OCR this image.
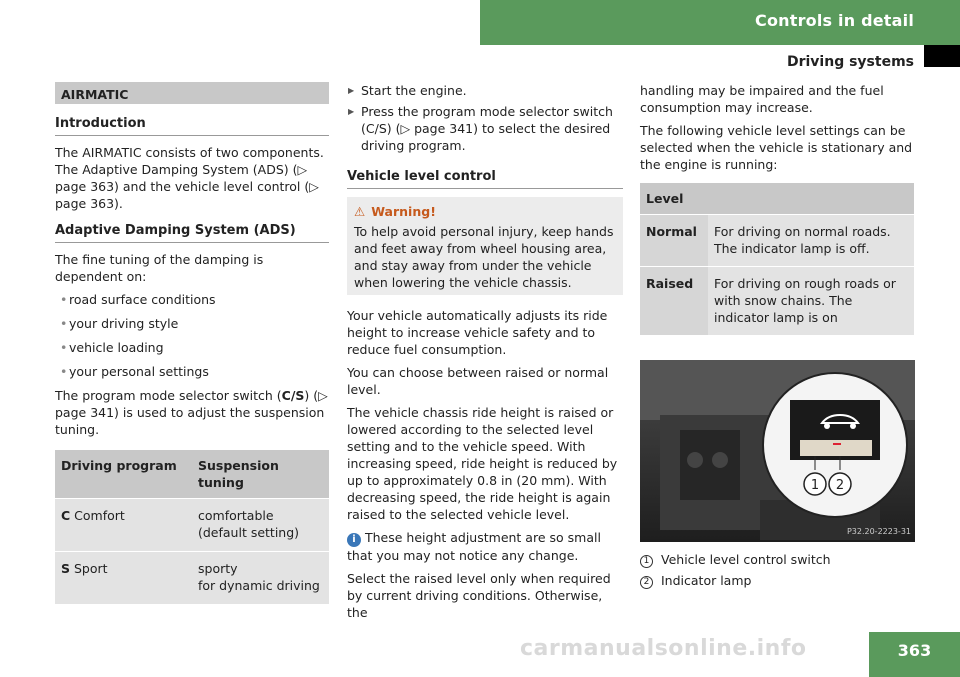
Controls in detail
Driving systems
AIRMATIC
Introduction

The AIRMATIC consists of two components. The Adaptive Damping System (ADS) (▷ page 363) and the vehicle level control (▷ page 363).

Adaptive Damping System (ADS)

The fine tuning of the damping is dependent on:

• road surface conditions
• your driving style
• vehicle loading
• your personal settings

The program mode selector switch (C/S) (▷ page 341) is used to adjust the suspension tuning.

Driving program	Suspension tuning
C Comfort	comfortable
(default setting)

S Sport	sporty
for dynamic driving
▶ Start the engine.
▶ Press the program mode selector switch (C/S) (▷ page 341) to select the desired driving program.
Vehicle level control
⚠ Warning!
To help avoid personal injury, keep hands and feet away from wheel housing area, and stay away from under the vehicle when lowering the vehicle chassis.

Your vehicle automatically adjusts its ride height to increase vehicle safety and to reduce fuel consumption.

You can choose between raised or normal level.

The vehicle chassis ride height is raised or lowered according to the selected level setting and to the vehicle speed. With increasing speed, ride height is reduced by up to approximately 0.8 in (20 mm). With decreasing speed, the ride height is again raised to the selected vehicle level.

i These height adjustment are so small that you may not notice any change.

Select the raised level only when required by current driving conditions. Otherwise, the

handling may be impaired and the fuel consumption may increase.

The following vehicle level settings can be selected when the vehicle is stationary and the engine is running:

Level	
Normal	For driving on normal roads. The indicator lamp is off.
Raised	For driving on rough roads or with snow chains. The indicator lamp is on
1 2
P32.20-2223-31
1 Vehicle level control switch
2 Indicator lamp
carmanualsonline.info	363
